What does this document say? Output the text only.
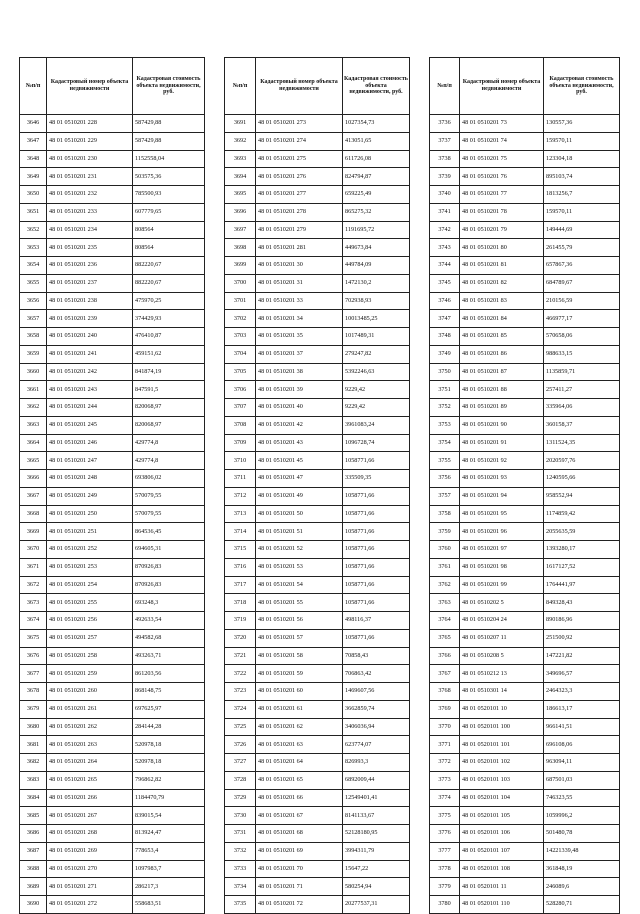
№п/п	Кадастровый номер объекта недвижимости	Кадастровая стоимость объекта недвижимости, руб.
3646	48 01 0510201 228	587429,88
3647	48 01 0510201 229	587429,88
3648	48 01 0510201 230	1152558,04
3649	48 01 0510201 231	503575,36
3650	48 01 0510201 232	785500,93
3651	48 01 0510201 233	607779,65
3652	48 01 0510201 234	808564
3653	48 01 0510201 235	808564
3654	48 01 0510201 236	882220,67
3655	48 01 0510201 237	882220,67
3656	48 01 0510201 238	475970,25
3657	48 01 0510201 239	374429,93
3658	48 01 0510201 240	476410,87
3659	48 01 0510201 241	459151,62
3660	48 01 0510201 242	841874,19
3661	48 01 0510201 243	847591,5
3662	48 01 0510201 244	820068,97
3663	48 01 0510201 245	820068,97
3664	48 01 0510201 246	429774,8
3665	48 01 0510201 247	429774,8
3666	48 01 0510201 248	693806,02
3667	48 01 0510201 249	570079,55
3668	48 01 0510201 250	570079,55
3669	48 01 0510201 251	864536,45
3670	48 01 0510201 252	694605,31
3671	48 01 0510201 253	870926,83
3672	48 01 0510201 254	870926,83
3673	48 01 0510201 255	693248,3
3674	48 01 0510201 256	492633,54
3675	48 01 0510201 257	494582,68
3676	48 01 0510201 258	493263,71
3677	48 01 0510201 259	861203,56
3678	48 01 0510201 260	868148,75
3679	48 01 0510201 261	697625,97
3680	48 01 0510201 262	284144,28
3681	48 01 0510201 263	520978,18
3682	48 01 0510201 264	520978,18
3683	48 01 0510201 265	796862,82
3684	48 01 0510201 266	1184470,79
3685	48 01 0510201 267	839015,54
3686	48 01 0510201 268	813924,47
3687	48 01 0510201 269	778653,4
3688	48 01 0510201 270	1097983,7
3689	48 01 0510201 271	286217,3
3690	48 01 0510201 272	558683,51
№п/п	Кадастровый номер объекта недвижимости	Кадастровая стоимость объекта недвижимости, руб.
3691	48 01 0510201 273	1027354,73
3692	48 01 0510201 274	413051,65
3693	48 01 0510201 275	611726,08
3694	48 01 0510201 276	824794,87
3695	48 01 0510201 277	659225,49
3696	48 01 0510201 278	865275,32
3697	48 01 0510201 279	1191695,72
3698	48 01 0510201 281	449673,84
3699	48 01 0510201 30	449784,09
3700	48 01 0510201 31	1472130,2
3701	48 01 0510201 33	702938,93
3702	48 01 0510201 34	10013485,25
3703	48 01 0510201 35	1017489,31
3704	48 01 0510201 37	279247,82
3705	48 01 0510201 38	5392246,63
3706	48 01 0510201 39	9229,42
3707	48 01 0510201 40	9229,42
3708	48 01 0510201 42	3961083,24
3709	48 01 0510201 43	1096728,74
3710	48 01 0510201 45	1058771,66
3711	48 01 0510201 47	335509,35
3712	48 01 0510201 49	1058771,66
3713	48 01 0510201 50	1058771,66
3714	48 01 0510201 51	1058771,66
3715	48 01 0510201 52	1058771,66
3716	48 01 0510201 53	1058771,66
3717	48 01 0510201 54	1058771,66
3718	48 01 0510201 55	1058771,66
3719	48 01 0510201 56	498116,37
3720	48 01 0510201 57	1058771,66
3721	48 01 0510201 58	70858,43
3722	48 01 0510201 59	706863,42
3723	48 01 0510201 60	1469607,56
3724	48 01 0510201 61	3662859,74
3725	48 01 0510201 62	3406036,94
3726	48 01 0510201 63	623774,07
3727	48 01 0510201 64	826993,3
3728	48 01 0510201 65	6892009,44
3729	48 01 0510201 66	12549401,41
3730	48 01 0510201 67	8141133,67
3731	48 01 0510201 68	52128180,95
3732	48 01 0510201 69	3994311,79
3733	48 01 0510201 70	15647,22
3734	48 01 0510201 71	580254,94
3735	48 01 0510201 72	20277537,31
№п/п	Кадастровый номер объекта недвижимости	Кадастровая стоимость объекта недвижимости, руб.
3736	48 01 0510201 73	130557,36
3737	48 01 0510201 74	159570,11
3738	48 01 0510201 75	123304,18
3739	48 01 0510201 76	895103,74
3740	48 01 0510201 77	1813256,7
3741	48 01 0510201 78	159570,11
3742	48 01 0510201 79	149444,69
3743	48 01 0510201 80	261455,79
3744	48 01 0510201 81	657867,36
3745	48 01 0510201 82	684789,67
3746	48 01 0510201 83	210156,59
3747	48 01 0510201 84	466977,17
3748	48 01 0510201 85	570658,06
3749	48 01 0510201 86	988633,15
3750	48 01 0510201 87	1135859,71
3751	48 01 0510201 88	257411,27
3752	48 01 0510201 89	335964,06
3753	48 01 0510201 90	360158,37
3754	48 01 0510201 91	1311524,35
3755	48 01 0510201 92	2020597,76
3756	48 01 0510201 93	1240595,66
3757	48 01 0510201 94	958552,94
3758	48 01 0510201 95	1174859,42
3759	48 01 0510201 96	2055635,59
3760	48 01 0510201 97	1393280,17
3761	48 01 0510201 98	1617127,52
3762	48 01 0510201 99	1764441,97
3763	48 01 0510202 5	849328,43
3764	48 01 0510204 24	890186,96
3765	48 01 0510207 11	251500,92
3766	48 01 0510208 5	147221,82
3767	48 01 0510212 13	349696,57
3768	48 01 0510301 14	2464323,3
3769	48 01 0520101 10	186613,17
3770	48 01 0520101 100	966141,51
3771	48 01 0520101 101	696108,06
3772	48 01 0520101 102	963094,11
3773	48 01 0520101 103	687501,03
3774	48 01 0520101 104	746323,55
3775	48 01 0520101 105	1059996,2
3776	48 01 0520101 106	501480,78
3777	48 01 0520101 107	14221339,48
3778	48 01 0520101 108	361848,19
3779	48 01 0520101 11	246089,6
3780	48 01 0520101 110	528280,71
